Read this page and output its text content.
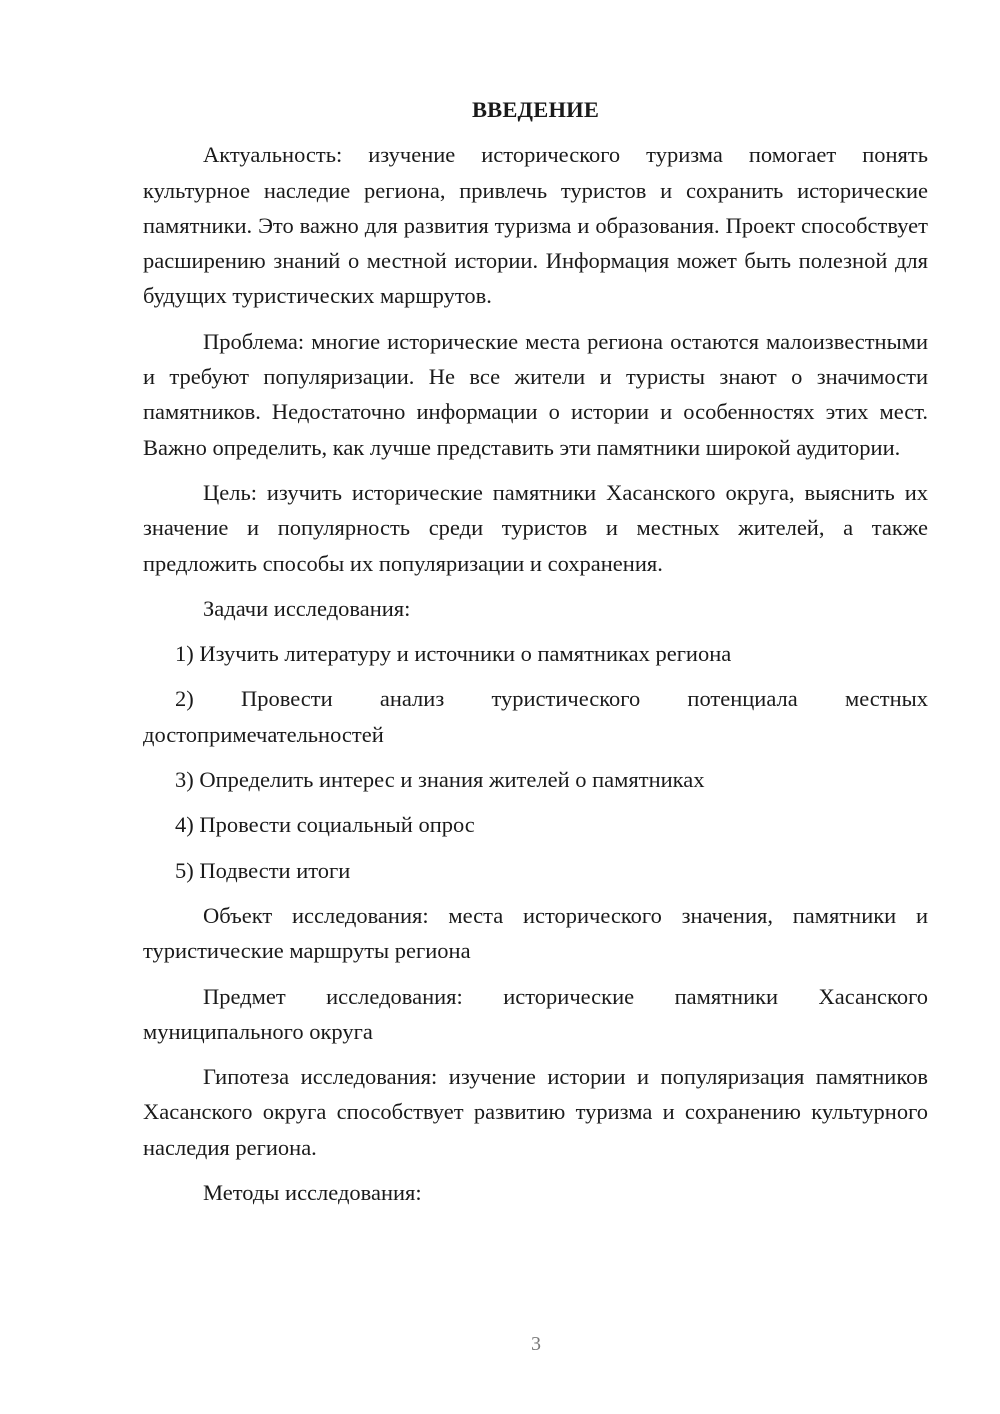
ВВЕДЕНИЕ

Актуальность: изучение исторического туризма помогает понять культурное наследие региона, привлечь туристов и сохранить исторические памятники. Это важно для развития туризма и образования. Проект способствует расширению знаний о местной истории. Информация может быть полезной для будущих туристических маршрутов.

Проблема: многие исторические места региона остаются малоизвестными и требуют популяризации. Не все жители и туристы знают о значимости памятников. Недостаточно информации о истории и особенностях этих мест. Важно определить, как лучше представить эти памятники широкой аудитории.

Цель: изучить исторические памятники Хасанского округа, выяснить их значение и популярность среди туристов и местных жителей, а также предложить способы их популяризации и сохранения.

Задачи исследования:

1) Изучить литературу и источники о памятниках региона

2) Провести анализ туристического потенциала местных достопримечательностей

3) Определить интерес и знания жителей о памятниках

4) Провести социальный опрос

5) Подвести итоги

Объект исследования: места исторического значения, памятники и туристические маршруты региона

Предмет исследования: исторические памятники Хасанского муниципального округа

Гипотеза исследования: изучение истории и популяризация памятников Хасанского округа способствует развитию туризма и сохранению культурного наследия региона.

Методы исследования:

3
